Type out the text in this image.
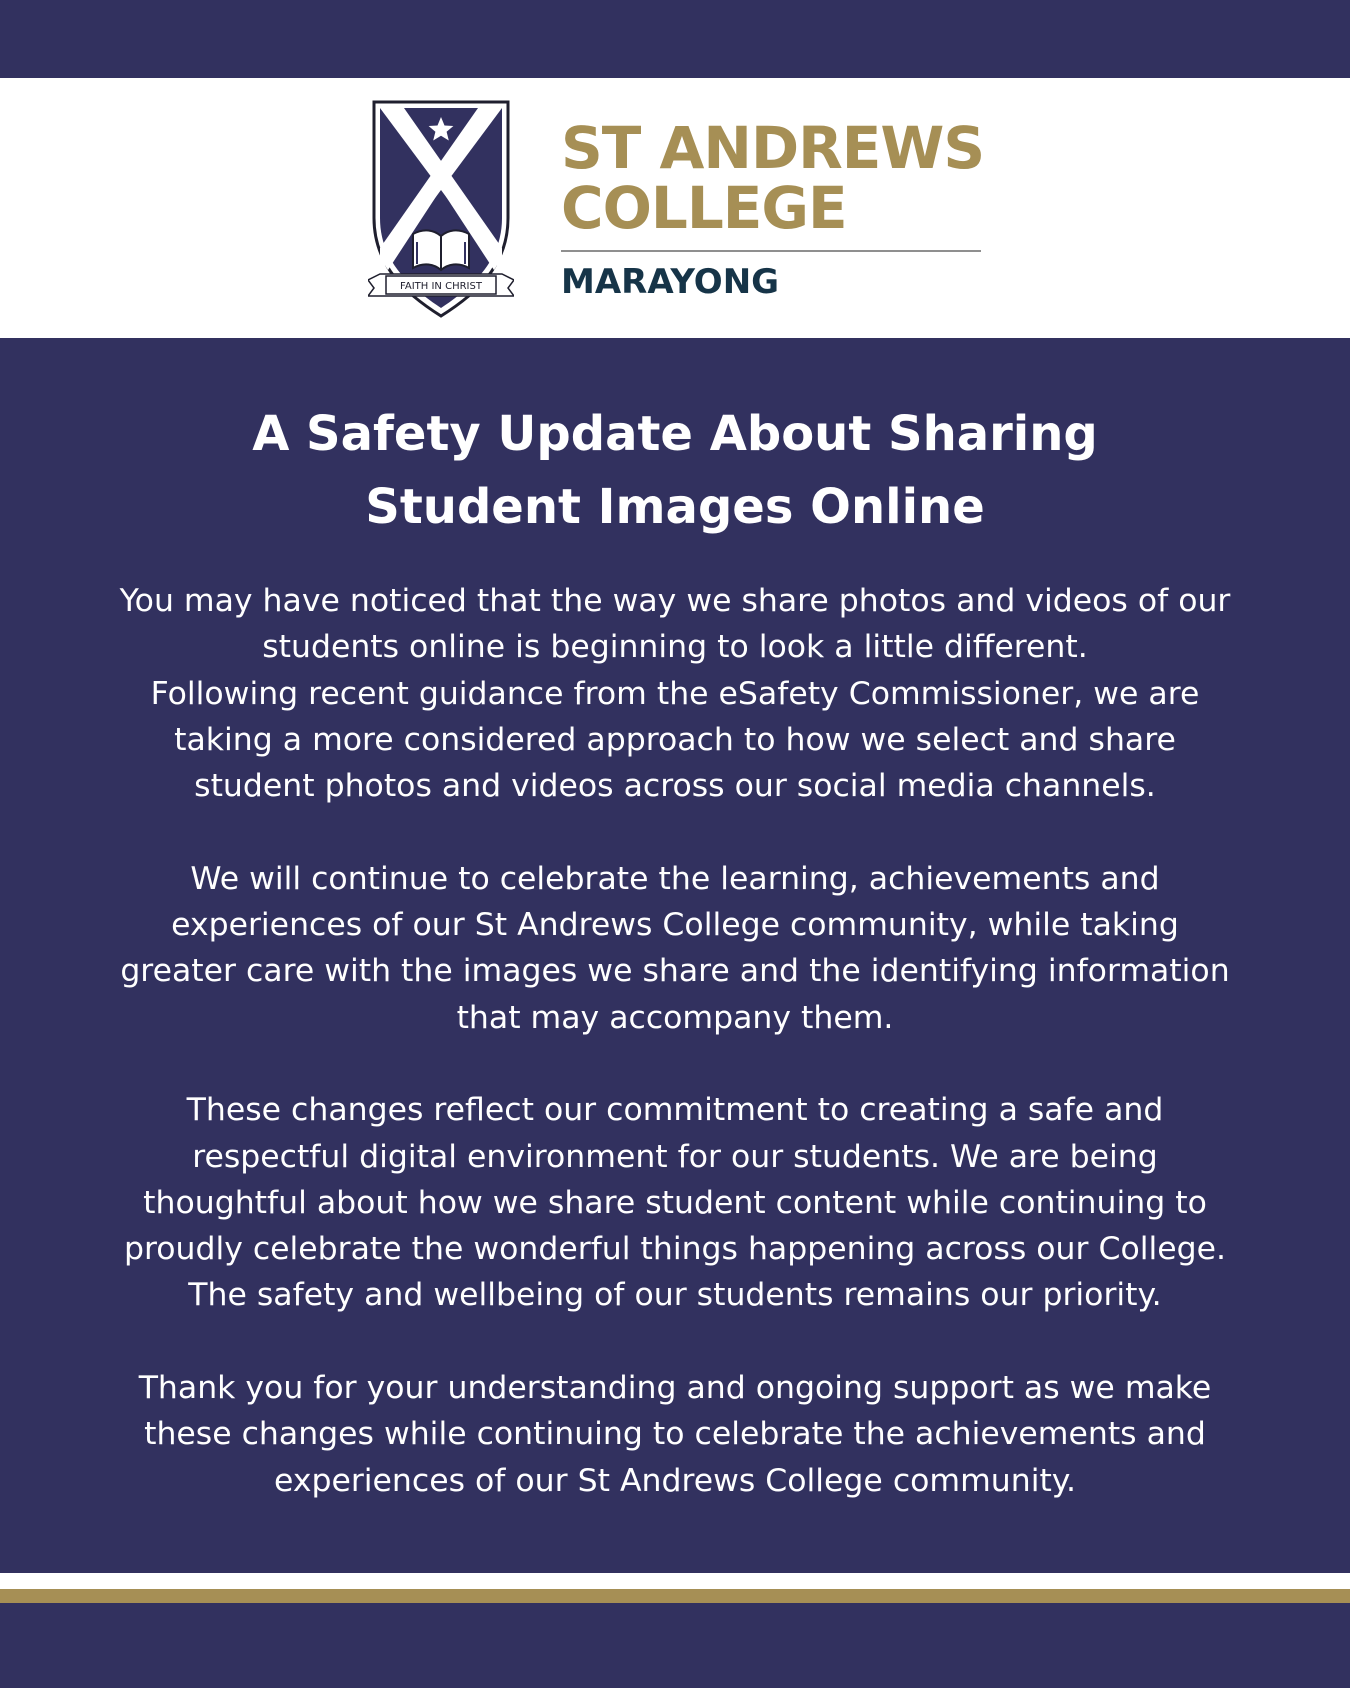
FAITH IN CHRIST
ST ANDREWS
COLLEGE
MARAYONG
A Safety Update About Sharing
Student Images Online

You may have noticed that the way we share photos and videos of our
students online is beginning to look a little different.
Following recent guidance from the eSafety Commissioner, we are
taking a more considered approach to how we select and share
student photos and videos across our social media channels.

We will continue to celebrate the learning, achievements and
experiences of our St Andrews College community, while taking
greater care with the images we share and the identifying information
that may accompany them.

These changes reflect our commitment to creating a safe and
respectful digital environment for our students. We are being
thoughtful about how we share student content while continuing to
proudly celebrate the wonderful things happening across our College.
The safety and wellbeing of our students remains our priority.

Thank you for your understanding and ongoing support as we make
these changes while continuing to celebrate the achievements and
experiences of our St Andrews College community.
